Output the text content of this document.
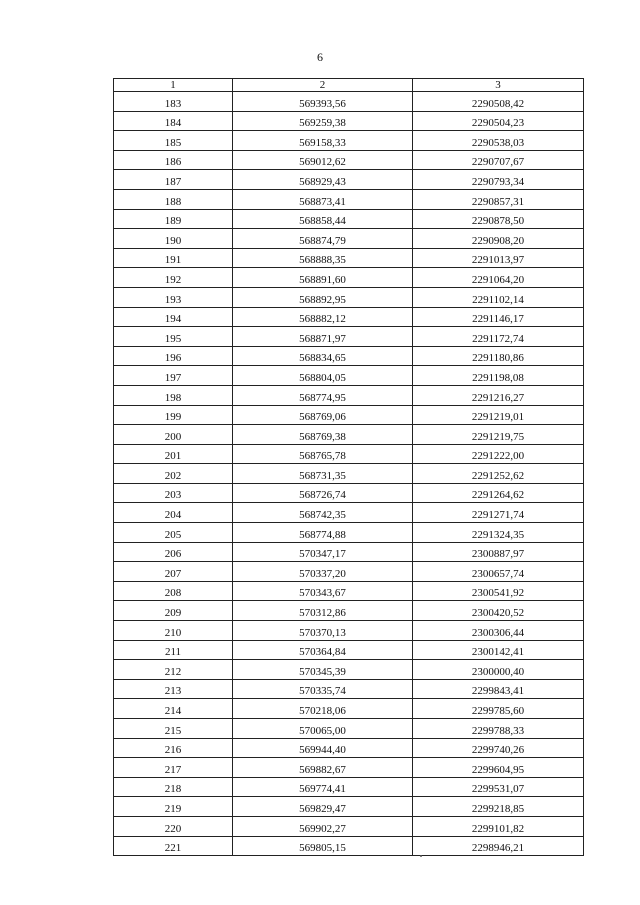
6
1	2	3
183	569393,56	2290508,42
184	569259,38	2290504,23
185	569158,33	2290538,03
186	569012,62	2290707,67
187	568929,43	2290793,34
188	568873,41	2290857,31
189	568858,44	2290878,50
190	568874,79	2290908,20
191	568888,35	2291013,97
192	568891,60	2291064,20
193	568892,95	2291102,14
194	568882,12	2291146,17
195	568871,97	2291172,74
196	568834,65	2291180,86
197	568804,05	2291198,08
198	568774,95	2291216,27
199	568769,06	2291219,01
200	568769,38	2291219,75
201	568765,78	2291222,00
202	568731,35	2291252,62
203	568726,74	2291264,62
204	568742,35	2291271,74
205	568774,88	2291324,35
206	570347,17	2300887,97
207	570337,20	2300657,74
208	570343,67	2300541,92
209	570312,86	2300420,52
210	570370,13	2300306,44
211	570364,84	2300142,41
212	570345,39	2300000,40
213	570335,74	2299843,41
214	570218,06	2299785,60
215	570065,00	2299788,33
216	569944,40	2299740,26
217	569882,67	2299604,95
218	569774,41	2299531,07
219	569829,47	2299218,85
220	569902,27	2299101,82
221	569805,15	2298946,21
